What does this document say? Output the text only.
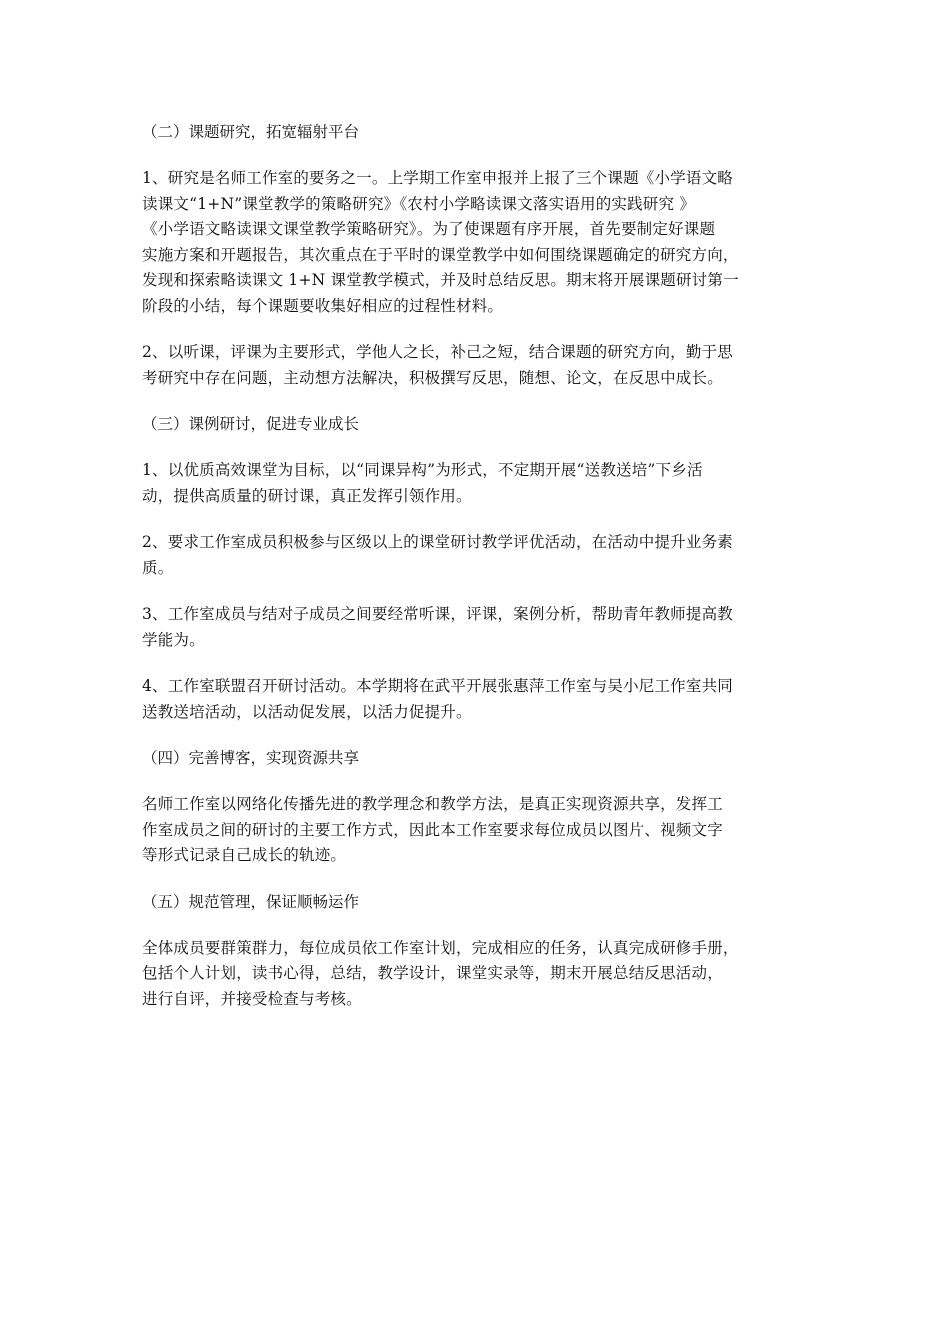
（二）课题研究，拓宽辐射平台
1、研究是名师工作室的要务之一。上学期工作室申报并上报了三个课题《小学语文略
读课文“1+N”课堂教学的策略研究》《农村小学略读课文落实语用的实践研究 》
《小学语文略读课文课堂教学策略研究》。为了使课题有序开展，首先要制定好课题
实施方案和开题报告，其次重点在于平时的课堂教学中如何围绕课题确定的研究方向，
发现和探索略读课文 1+N 课堂教学模式，并及时总结反思。期末将开展课题研讨第一
阶段的小结，每个课题要收集好相应的过程性材料。
2、以听课，评课为主要形式，学他人之长，补己之短，结合课题的研究方向，勤于思
考研究中存在问题，主动想方法解决，积极撰写反思，随想、论文，在反思中成长。
（三）课例研讨，促进专业成长
1、以优质高效课堂为目标，以“同课异构”为形式，不定期开展“送教送培”下乡活
动，提供高质量的研讨课，真正发挥引领作用。
2、要求工作室成员积极参与区级以上的课堂研讨教学评优活动，在活动中提升业务素
质。
3、工作室成员与结对子成员之间要经常听课，评课，案例分析，帮助青年教师提高教
学能为。
4、工作室联盟召开研讨活动。本学期将在武平开展张惠萍工作室与吴小尼工作室共同
送教送培活动，以活动促发展，以活力促提升。
（四）完善博客，实现资源共享
名师工作室以网络化传播先进的教学理念和教学方法，是真正实现资源共享，发挥工
作室成员之间的研讨的主要工作方式，因此本工作室要求每位成员以图片、视频文字
等形式记录自己成长的轨迹。
（五）规范管理，保证顺畅运作
全体成员要群策群力，每位成员依工作室计划，完成相应的任务，认真完成研修手册，
包括个人计划，读书心得，总结，教学设计，课堂实录等，期末开展总结反思活动，
进行自评，并接受检查与考核。
